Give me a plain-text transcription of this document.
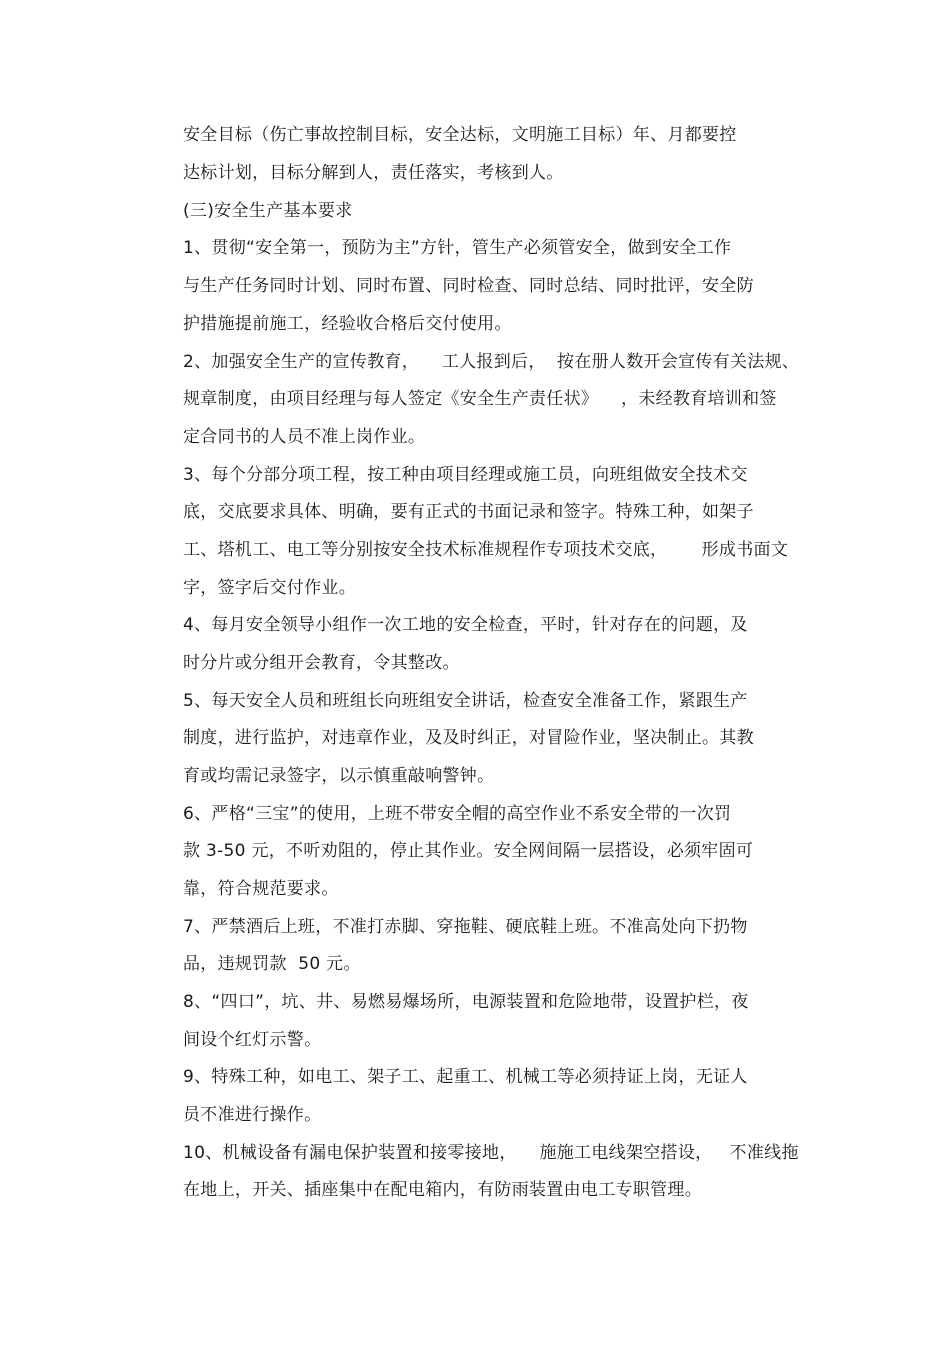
安全目标（伤亡事故控制目标，安全达标，文明施工目标）年、月都要控
达标计划，目标分解到人，责任落实，考核到人。
(三)安全生产基本要求
1、贯彻“安全第一，预防为主”方针，管生产必须管安全，做到安全工作
与生产任务同时计划、同时布置、同时检查、同时总结、同时批评，安全防
护措施提前施工，经验收合格后交付使用。
2、加强安全生产的宣传教育，    工人报到后，  按在册人数开会宣传有关法规、
规章制度，由项目经理与每人签定《安全生产责任状》    ，未经教育培训和签
定合同书的人员不准上岗作业。
3、每个分部分项工程，按工种由项目经理或施工员，向班组做安全技术交
底，交底要求具体、明确，要有正式的书面记录和签字。特殊工种，如架子
工、塔机工、电工等分别按安全技术标准规程作专项技术交底，      形成书面文
字，签字后交付作业。
4、每月安全领导小组作一次工地的安全检查，平时，针对存在的问题，及
时分片或分组开会教育，令其整改。
5、每天安全人员和班组长向班组安全讲话，检查安全准备工作，紧跟生产
制度，进行监护，对违章作业，及及时纠正，对冒险作业，坚决制止。其教
育或均需记录签字，以示慎重敲响警钟。
6、严格“三宝”的使用，上班不带安全帽的高空作业不系安全带的一次罚
款 3-50 元，不听劝阻的，停止其作业。安全网间隔一层搭设，必须牢固可
靠，符合规范要求。
7、严禁酒后上班，不准打赤脚、穿拖鞋、硬底鞋上班。不准高处向下扔物
品，违规罚款  50 元。
8、“四口”，坑、井、易燃易爆场所，电源装置和危险地带，设置护栏，夜
间设个红灯示警。
9、特殊工种，如电工、架子工、起重工、机械工等必须持证上岗，无证人
员不准进行操作。
10、机械设备有漏电保护装置和接零接地，    施施工电线架空搭设，   不准线拖
在地上，开关、插座集中在配电箱内，有防雨装置由电工专职管理。
